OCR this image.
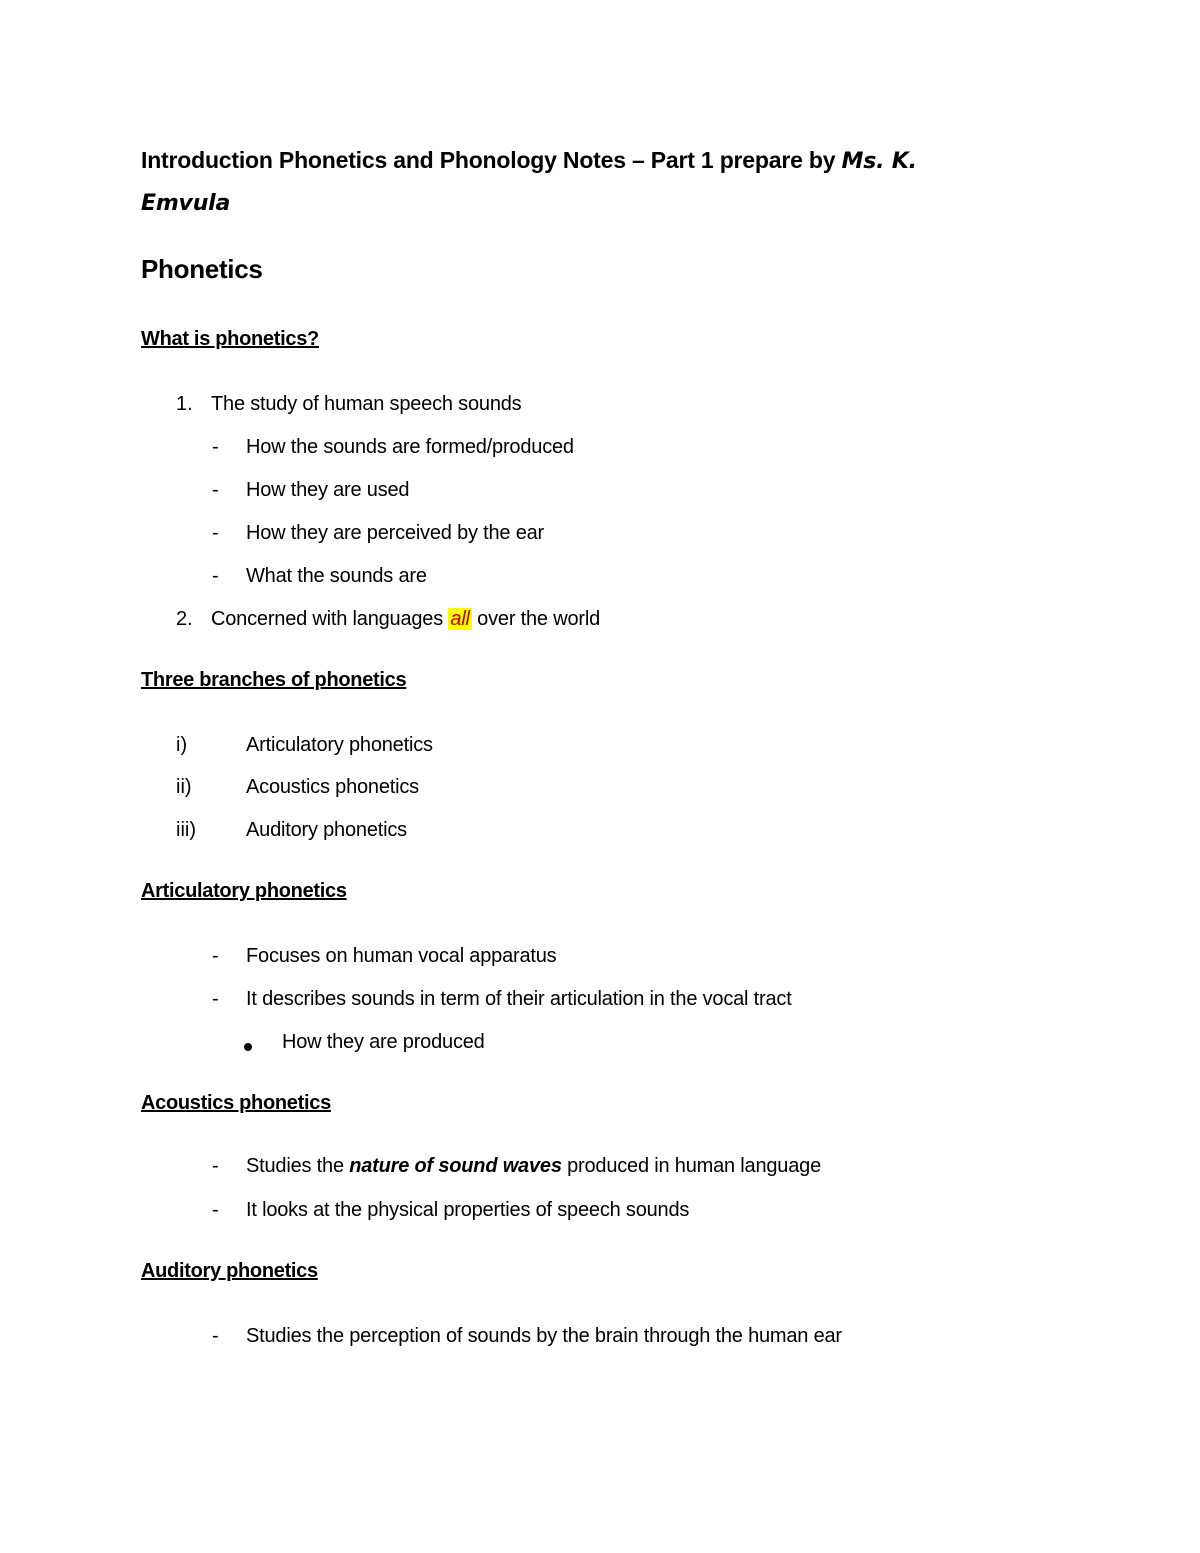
Introduction Phonetics and Phonology Notes – Part 1 prepare by Ms. K.
Emvula
Phonetics
What is phonetics?
1. The study of human speech sounds
- How the sounds are formed/produced
- How they are used
- How they are perceived by the ear
- What the sounds are
2. Concerned with languages all over the world
Three branches of phonetics
i)	Articulatory phonetics
ii)	Acoustics phonetics
iii)	Auditory phonetics
Articulatory phonetics
- Focuses on human vocal apparatus
- It describes sounds in term of their articulation in the vocal tract
How they are produced
Acoustics phonetics
- Studies the nature of sound waves produced in human language
- It looks at the physical properties of speech sounds
Auditory phonetics
- Studies the perception of sounds by the brain through the human ear
